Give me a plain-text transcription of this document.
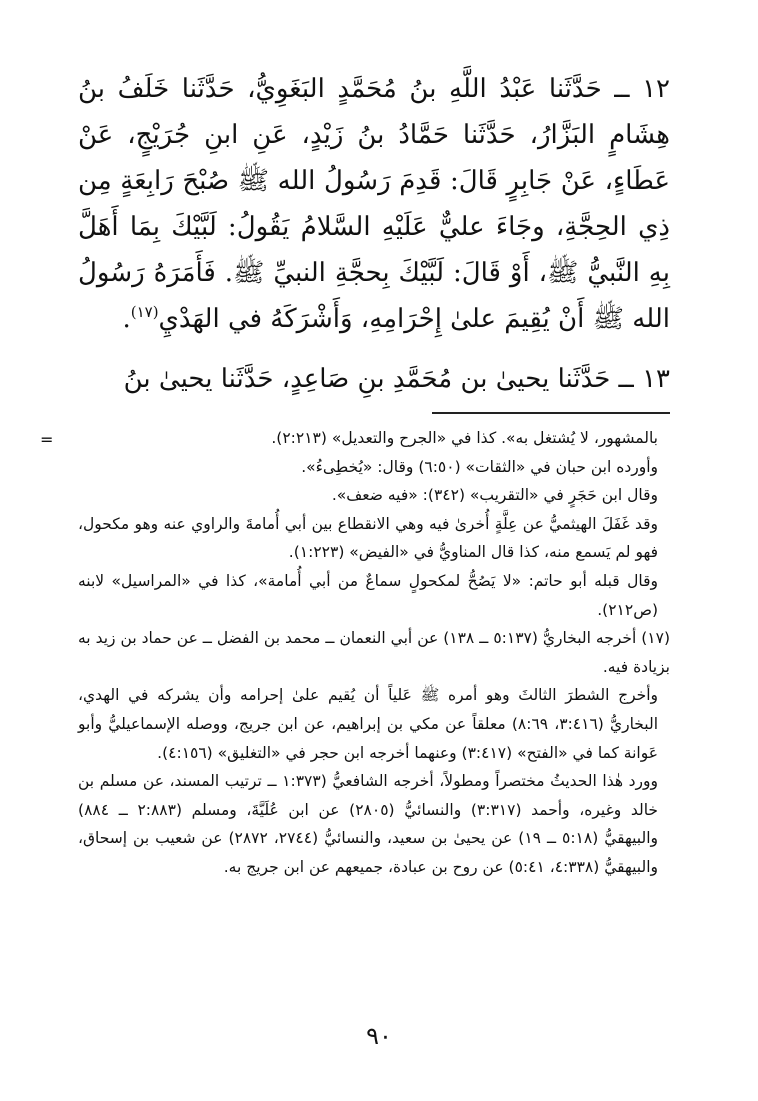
١٢ ــ حَدَّثَنا عَبْدُ اللَّهِ بنُ مُحَمَّدٍ البَغَوِيُّ، حَدَّثَنا خَلَفُ بنُ هِشَامٍ البَزَّارُ، حَدَّثَنا حَمَّادُ بنُ زَيْدٍ، عَنِ ابنِ جُرَيْجٍ، عَنْ عَطَاءٍ، عَنْ جَابِرٍ قَالَ: قَدِمَ رَسُولُ الله ﷺ صُبْحَ رَابِعَةٍ مِن ذِي الحِجَّةِ، وجَاءَ عليٌّ عَلَيْهِ السَّلامُ يَقُولُ: لَبَّيْكَ بِمَا أَهَلَّ بِهِ النَّبيُّ ﷺ، أَوْ قَالَ: لَبَّيْكَ بِحجَّةِ النبيِّ ﷺ. فَأَمَرَهُ رَسُولُ الله ﷺ أَنْ يُقِيمَ علىٰ إِحْرَامِهِ، وَأَشْرَكَهُ في الهَدْيِ$^{(١٧)}$.

١٣ ــ حَدَّثَنا يحيىٰ بن مُحَمَّدِ بنِ صَاعِدٍ، حَدَّثَنا يحيىٰ بنُ

=	بالمشهور، لا يُشتغل به». كذا في «الجرح والتعديل» (٢:٢١٣).

وأورده ابن حبان في «الثقات» (٦:٥٠) وقال: «يُخطِىءُ».

وقال ابن حَجَرٍ في «التقريب» (٣٤٢): «فيه ضعف».

وقد غَفَلَ الهيثميُّ عن عِلَّةٍ أُخرىٰ فيه وهي الانقطاع بين أبي أُمامةَ والراوي عنه وهو مكحول، فهو لم يَسمع منه، كذا قال المناويُّ في «الفيض» (١:٢٢٣).

وقال قبله أبو حاتم: «لا يَصُحُّ لمكحولٍ سماعٌ من أبي أُمامة»، كذا في «المراسيل» لابنه (ص٢١٢).

(١٧) أخرجه البخاريُّ (٥:١٣٧ ــ ١٣٨) عن أبي النعمان ــ محمد بن الفضل ــ عن حماد بن زيد به بزيادة فيه.

وأخرج الشطرَ الثالثَ وهو أمره ﷺ عَلياً أن يُقيم علىٰ إحرامه وأن يشركه في الهدي، البخاريُّ (٣:٤١٦، ٨:٦٩) معلقاً عن مكي بن إبراهيم، عن ابن جريج، ووصله الإسماعيليُّ وأبو عَوانة كما في «الفتح» (٣:٤١٧) وعنهما أخرجه ابن حجر في «التغليق» (٤:١٥٦).

وورد هٰذا الحديثُ مختصراً ومطولاً، أخرجه الشافعيُّ (١:٣٧٣ ــ ترتيب المسند، عن مسلم بن خالد وغيره، وأحمد (٣:٣١٧) والنسائيُّ (٢٨٠٥) عن ابن عُلَيَّةَ، ومسلم (٢:٨٨٣ ــ ٨٨٤) والبيهقيُّ (٥:١٨ ــ ١٩) عن يحيىٰ بن سعيد، والنسائيُّ (٢٧٤٤، ٢٨٧٢) عن شعيب بن إسحاق، والبيهقيُّ (٤:٣٣٨، ٥:٤١) عن روح بن عبادة، جميعهم عن ابن جريج به.

٩٠
